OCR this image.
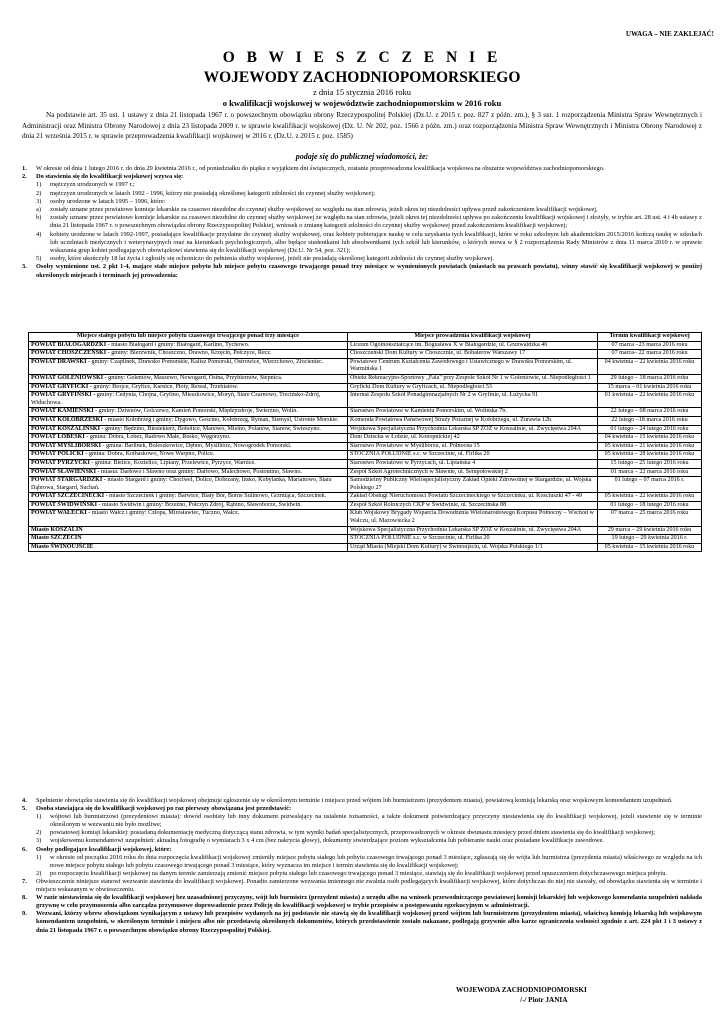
UWAGA – NIE ZAKLEJAĆ!
O B W I E S Z C Z E N I E
WOJEWODY ZACHODNIOPOMORSKIEGO
z dnia 15 stycznia 2016 roku
o kwalifikacji wojskowej w województwie zachodniopomorskim w 2016 roku
Na podstawie art. 35 ust. 1 ustawy z dnia 21 listopada 1967 r. o powszechnym obowiązku obrony Rzeczypospolitej Polskiej (Dz.U. z 2015 r. poz. 827 z późn. zm.), § 3 ust. 1 rozporządzenia Ministra Spraw Wewnętrznych i Administracji oraz Ministra Obrony Narodowej z dnia 23 listopada 2009 r. w sprawie kwalifikacji wojskowej (Dz. U. Nr 202, poz. 1566 z późn. zm.) oraz rozporządzenia Ministra Spraw Wewnętrznych i Ministra Obrony Narodowej z dnia 21 września 2015 r. w sprawie przeprowadzenia kwalifikacji wojskowej w 2016 r. (Dz.U. z 2015 r. poz. 1585)
podaje się do publicznej wiadomości, że:
1.	W okresie od dnia 1 lutego 2016 r. do dnia 29 kwietnia 2016 r., od poniedziałku do piątku z wyjątkiem dni świątecznych, zostanie przeprowadzona kwalifikacja wojskowa na obszarze województwa zachodniopomorskiego.
2.	Do stawienia się do kwalifikacji wojskowej wzywa się:
1)	mężczyzn urodzonych w 1997 r.;
2)	mężczyzn urodzonych w latach 1992 - 1996, którzy nie posiadają określonej kategorii zdolności do czynnej służby wojskowej;
3)	osoby urodzone w latach 1995 – 1996, które:
a)	zostały uznane przez powiatowe komisje lekarskie za czasowo niezdolne do czynnej służby wojskowej ze względu na stan zdrowia, jeżeli okres tej niezdolności upływa przed zakończeniem kwalifikacji wojskowej,
b)	zostały uznane przez powiatowe komisje lekarskie za czasowo niezdolne do czynnej służby wojskowej ze względu na stan zdrowia, jeżeli okres tej niezdolności upływa po zakończeniu kwalifikacji wojskowej i złożyły, w trybie art. 28 ust. 4 i 4b ustawy z dnia 21 listopada 1967 r. o powszechnym obowiązku obrony Rzeczypospolitej Polskiej, wniosek o zmianę kategorii zdolności do czynnej służby wojskowej przed zakończeniem kwalifikacji wojskowej;
4)	kobiety urodzone w latach 1992-1997, posiadające kwalifikacje przydatne do czynnej służby wojskowej, oraz kobiety pobierające naukę w celu uzyskania tych kwalifikacji, które w roku szkolnym lub akademickim 2015/2016 kończą naukę w szkołach lub uczelniach medycznych i weterynaryjnych oraz na kierunkach psychologicznych, albo będące studentkami lub absolwentkami tych szkół lub kierunków, o których mowa w § 2 rozporządzenia Rady Ministrów z dnia 11 marca 2010 r. w sprawie wskazania grup kobiet podlegających obowiązkowi stawienia się do kwalifikacji wojskowej (Dz.U. Nr 54, poz. 321);
5)	osoby, które ukończyły 18 lat życia i zgłosiły się ochotniczo do pełnienia służby wojskowej, jeżeli nie posiadają określonej kategorii zdolności do czynnej służby wojskowej.
3.	Osoby wymienione ust. 2 pkt 1-4, mające stałe miejsce pobytu lub miejsce pobytu czasowego trwającego ponad trzy miesiące w wymienionych powiatach (miastach na prawach powiatu), winny stawić się kwalifikacji wojskowej w poniżej określonych miejscach i terminach jej prowadzenia:
Miejsce stałego pobytu lub miejsce pobytu czasowego trwającego ponad trzy miesiące	Miejsce prowadzenia kwalifikacji wojskowej	Termin kwalifikacji wojskowej
POWIAT BIAŁOGARDZKI - miasto Białogard i gminy: Białogard, Karlino, Tychowo.	Liceum Ogólnokształcące im. Bogusława X w Białogardzie, ul. Grunwaldzka 46	07 marca –23 marca 2016 roku
POWIAT CHOSZCZEŃSKI - gminy: Bierzwnik, Choszczno, Drawno, Krzęcin, Pełczyce, Recz.	Choszczeński Dom Kultury w Choszcznie, ul. Bohaterów Warszawy 17	07 marca– 22 marca 2016 roku
POWIAT DRAWSKI - gminy: Czaplinek, Drawsko Pomorskie, Kalisz Pomorski, Ostrowice, Wierzchowo, Złocieniec.	Powiatowe Centrum Kształcenia Zawodowego i Ustawicznego w Drawsku Pomorskim, ul. Warmińska 1	04 kwietnia – 22 kwietnia 2016 roku
POWIAT GOLENIOWSKI - gminy: Goleniów, Maszewo, Nowogard, Osina, Przybiernów, Stepnica.	Obiekt Rekreacyjno-Sportowy „Fala" przy Zespole Szkół Nr 1 w Goleniowie, ul. Niepodległości 1	29 lutego – 18 marca 2016 roku
POWIAT GRYFICKI - gminy: Brojce, Gryfice, Karnice, Płoty, Rewal, Trzebiatów.	Gryficki Dom Kultury w Gryficach, ul. Niepodległości 53	15 marca – 01 kwietnia 2016 roku
POWIAT GRYFIŃSKI - gminy: Cedynia, Chojna, Gryfino, Mieszkowice, Moryń, Stare Czarnowo, Trzcińsko-Zdrój, Widuchowa.	Internat Zespołu Szkół Ponadgimnazjalnych Nr 2 w Gryfinie, ul. Łużycka 91	01 kwietnia – 22 kwietnia 2016 roku
POWIAT KAMIEŃSKI - gminy: Dziwnów, Golczewo, Kamień Pomorski, Międzyzdroje, Świerzno, Wolin.	Starostwo Powiatowe w Kamieniu Pomorskim, ul. Wolińska 7b.	22 lutego – 08 marca 2016 roku
POWIAT KOŁOBRZESKI - miasto Kołobrzeg i gminy: Dygowo, Gościno, Kołobrzeg, Rymań, Siemyśl, Ustronie Morskie.	Komenda Powiatowa Państwowej Straży Pożarnej w Kołobrzegu, ul. Żurawia 12b.	22 lutego –18 marca 2016 roku
POWIAT KOSZALIŃSKI - gminy: Będzino, Biesiekierz, Bobolice, Manowo, Mielno, Polanów, Sianów, Świeszyno.	Wojskowa Specjalistyczna Przychodnia Lekarska SP ZOZ w Koszalinie, ul. Zwycięstwa 204A	01 lutego – 24 lutego 2016 roku
POWIAT ŁOBESKI - gmina: Dobra, Łobez, Radowo Małe, Resko, Węgorzyno.	Dom Dziecka w Łobzie, ul. Konopnickiej 42	04 kwietnia – 15 kwietnia 2016 roku
POWIAT MYŚLIBORSKI - gmina: Barlinek, Boleszkowice, Dębno, Myślibórz, Nowogródek Pomorski.	Starostwo Powiatowe w Myśliborzu, ul. Północna 15	05 kwietnia – 21 kwietnia 2016 roku
POWIAT POLICKI - gmina: Dobra, Kołbaskowo, Nowe Warpno, Police.	STOCZNIA POŁUDNIE s.c. w Szczecinie, ul. Firlika 20	05 kwietnia – 28 kwietnia 2016 roku
POWIAT PYRZYCKI - gmina: Bielice, Kozielice, Lipiany, Przelewice, Pyrzyce, Warnice.	Starostwo Powiatowe w Pyrzycach, ul. Lipiańska 4	15 lutego – 25 lutego 2016 roku
POWIAT SŁAWIEŃSKI - miasta: Darłowo i Sławno oraz gminy: Darłowo, Malechowo, Postomino, Sławno.	Zespół Szkół Agrotechnicznych w Sławnie, ul. Sempołowskiej 2	01 marca – 22 marca 2016 roku
POWIAT STARGARDZKI - miasto Stargard i gminy: Chociwel, Dolice, Dobrzany, Ińsko, Kobylanka, Marianowo, Stara Dąbrowa, Stargard, Suchań.	Samodzielny Publiczny Wielospecjalistyczny Zakład Opieki Zdrowotnej w Stargardzie, ul. Wojska Polskiego 27	01 lutego – 07 marca 2016 r.
POWIAT SZCZECINECKI - miasto Szczecinek i gminy: Barwice, Biały Bór, Borne Sulinowo, Grzmiąca, Szczecinek.	Zakład Obsługi Nieruchomości Powiatu Szczecineckiego w Szczecinku, ul. Kościuszki 47 - 49	05 kwietnia – 22 kwietnia 2016 roku
POWIAT ŚWIDWIŃSKI - miasto Świdwin i gminy: Brzeżno, Połczyn Zdrój, Rąbino, Sławoborze, Świdwin.	Zespół Szkół Rolniczych CKP w Świdwinie, ul. Szczecińska 88	01 lutego – 18 lutego 2016 roku
POWIAT WAŁECKI - miasto Wałcz i gminy: Człopa, Mirosławiec, Tuczno, Wałcz.	Klub Wojskowy Brygady Wsparcia Dowodzenia Wielonarodowego Korpusu Północny – Wschód w Wałczu, ul. Mazowiecka 2	07 marca – 25 marca 2016 roku
Miasto KOSZALIN	Wojskowa Specjalistyczna Przychodnia Lekarska SP ZOZ w Koszalinie, ul. Zwycięstwa 204A	29 marca – 29 kwietnia 2016 roku
Miasto SZCZECIN	STOCZNIA POŁUDNIE s.c. w Szczecinie, ul. Firlika 20	19 lutego – 29 kwietnia 2016 r.
Miasto ŚWINOUJŚCIE	Urząd Miasta (Miejski Dom Kultury) w Świnoujściu, ul. Wojska Polskiego 1/1	05 kwietnia – 15 kwietnia 2016 roku
4.	Spełnienie obowiązku stawienia się do kwalifikacji wojskowej obejmuje zgłoszenie się w określonym terminie i miejscu przed wójtem lub burmistrzem (prezydentem miasta), powiatową komisją lekarską oraz wojskowym komendantem uzupełnień.
5.	Osoba stawiająca się do kwalifikacji wojskowej po raz pierwszy obowiązana jest przedstawić:
1)	wójtowi lub burmistrzowi (prezydentowi miasta): dowód osobisty lub inny dokument pozwalający na ustalenie tożsamości, a także dokument potwierdzający przyczyny niestawienia się do kwalifikacji wojskowej, jeżeli stawienie się w terminie określonym w wezwaniu nie było możliwe;
2)	powiatowej komisji lekarskiej: posiadaną dokumentację medyczną dotyczącą stanu zdrowia, w tym wyniki badań specjalistycznych, przeprowadzonych w okresie dwunastu miesięcy przed dniem stawienia się do kwalifikacji wojskowej;
3)	wojskowemu komendantowi uzupełnień: aktualną fotografię o wymiarach 3 x 4 cm (bez nakrycia głowy), dokumenty stwierdzające poziom wykształcenia lub pobieranie nauki oraz posiadane kwalifikacje zawodowe.
6.	Osoby podlegające kwalifikacji wojskowej, które:
1)	w okresie od początku 2016 roku do dnia rozpoczęcia kwalifikacji wojskowej zmieniły miejsce pobytu stałego lub pobytu czasowego trwającego ponad 3 miesiące, zgłaszają się do wójta lub burmistrza (prezydenta miasta) właściwego ze względu na ich nowe miejsce pobytu stałego lub pobytu czasowego trwającego ponad 3 miesiące, który wyznacza im miejsce i termin stawienia się do kwalifikacji wojskowej;
2)	po rozpoczęciu kwalifikacji wojskowej na danym terenie zamierzają zmienić miejsce pobytu stałego lub czasowego trwającego ponad 3 miesiące, stawiają się do kwalifikacji wojskowej przed opuszczeniem dotychczasowego miejsca pobytu.
7.	Obwieszczenie niniejsze stanowi wezwanie stawienia do kwalifikacji wojskowej. Ponadto zamierzone wezwania imiennego nie zwalnia osób podlegających kwalifikacji wojskowej, które dotychczas do niej nie stawały, od obowiązku stawienia się w terminie i miejscu wskazanym w obwieszczeniu.
8.	W razie niestawienia się do kwalifikacji wojskowej bez uzasadnionej przyczyny, wójt lub burmistrz (prezydent miasta) z urzędu albo na wniosek przewodniczącego powiatowej komisji lekarskiej lub wojskowego komendanta uzupełnień nakłada grzywnę w celu przymuszenia albo zarządza przymusowe doprowadzenie przez Policję do kwalifikacji wojskowej w trybie przepisów o postępowaniu egzekucyjnym w administracji.
9.	Wezwani, którzy wbrew obowiązkom wynikającym z ustawy lub przepisów wydanych na jej podstawie nie stawią się do kwalifikacji wojskowej przed wójtem lub burmistrzem (prezydentem miasta), właściwą komisją lekarską lub wojskowym komendantem uzupełnień, w określonym terminie i miejscu albo nie przedstawią określonych dokumentów, których przedstawienie zostało nakazane, podlegają grzywnie albo karze ograniczenia wolności zgodnie z art. 224 pkt 1 i 3 ustawy z dnia 21 listopada 1967 r. o powszechnym obowiązku obrony Rzeczypospolitej Polskiej.
WOJEWODA ZACHODNIOPOMORSKI
/-/ Piotr JANIA
